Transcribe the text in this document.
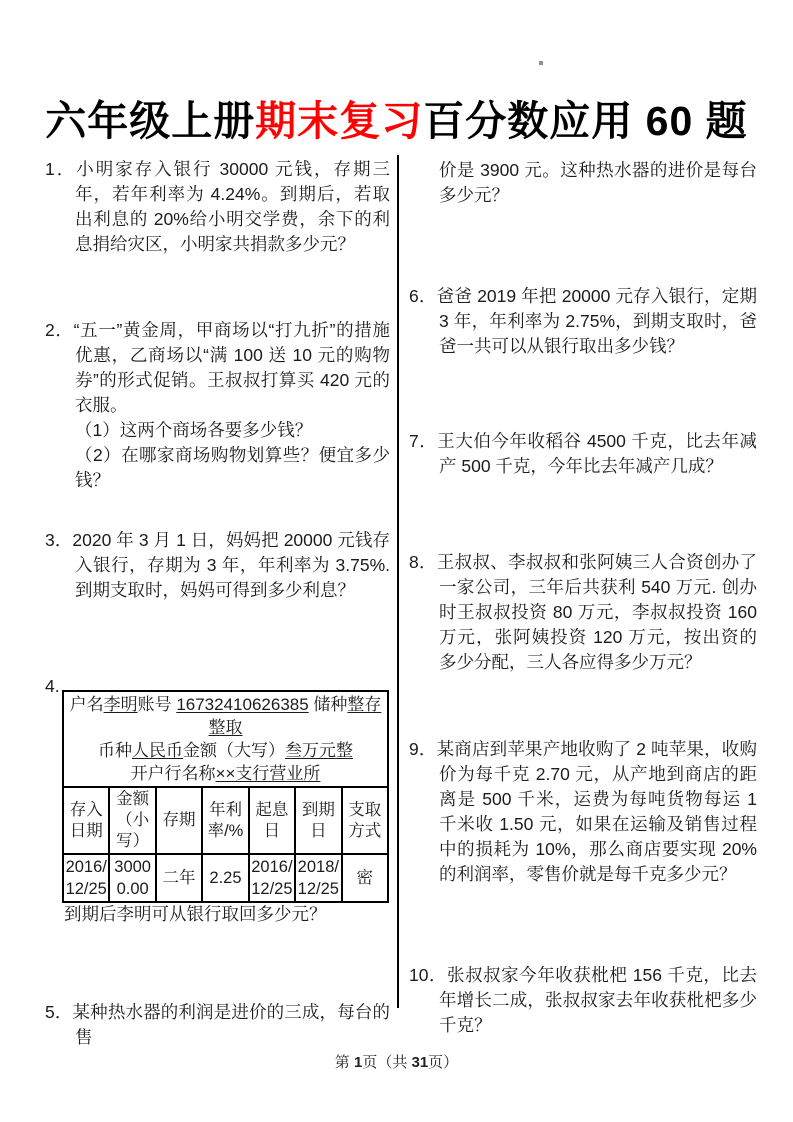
六年级上册期末复习百分数应用 60 题

1．小明家存入银行 30000 元钱，存期三年，若年利率为 4.24%。到期后，若取出利息的 20%给小明交学费，余下的利息捐给灾区，小明家共捐款多少元？

2．“五一”黄金周，甲商场以“打九折”的措施优惠，乙商场以“满 100 送 10 元的购物券”的形式促销。王叔叔打算买 420 元的衣服。

（1）这两个商场各要多少钱？

（2）在哪家商场购物划算些？便宜多少钱？

3．2020 年 3 月 1 日，妈妈把 20000 元钱存入银行，存期为 3 年，年利率为 3.75%. 到期支取时，妈妈可得到多少利息？

4.
户名李明账号 16732410626385 储种整存整取
币种人民币金额（大写）叁万元整
开户行名称××支行营业所						

存入日期	金额（小写）	存期	年利率/%	起息日	到期日	支取方式
2016/12/25	30000.00	二年	2.25	2016/12/25	2018/12/25	密

到期后李明可从银行取回多少元？

5．某种热水器的利润是进价的三成，每台的售

价是 3900 元。这种热水器的进价是每台多少元？

6．爸爸 2019 年把 20000 元存入银行，定期 3 年，年利率为 2.75%，到期支取时，爸爸一共可以从银行取出多少钱？

7．王大伯今年收稻谷 4500 千克，比去年减产 500 千克，今年比去年减产几成？

8．王叔叔、李叔叔和张阿姨三人合资创办了一家公司，三年后共获利 540 万元. 创办时王叔叔投资 80 万元，李叔叔投资 160 万元，张阿姨投资 120 万元，按出资的多少分配，三人各应得多少万元？

9．某商店到苹果产地收购了 2 吨苹果，收购价为每千克 2.70 元，从产地到商店的距离是 500 千米，运费为每吨货物每运 1 千米收 1.50 元，如果在运输及销售过程中的损耗为 10%，那么商店要实现 20%的利润率，零售价就是每千克多少元？

10．张叔叔家今年收获枇杷 156 千克，比去年增长二成，张叔叔家去年收获枇杷多少千克？

第 1页（共 31页）
